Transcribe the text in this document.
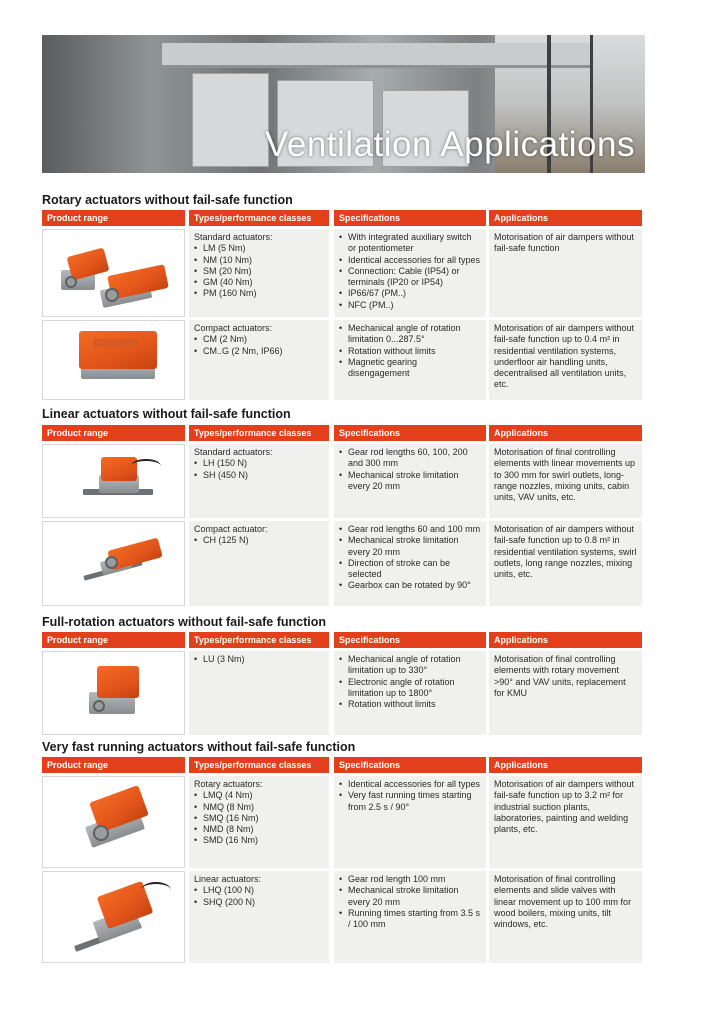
Ventilation Applications
Rotary actuators without fail-safe function
Product range	Types/performance classes	Specifications	Applications

Standard actuators:

• LM (5 Nm)
• NM (10 Nm)
• SM (20 Nm)
• GM (40 Nm)
• PM (160 Nm)
• With integrated auxiliary switch or potentiometer
• Identical accessories for all types
• Connection: Cable (IP54) or terminals (IP20 or IP54)
• IP66/67 (PM..)
• NFC (PM..)
Motorisation of air dampers without fail-safe function

Compact actuators:

• CM (2 Nm)
• CM..G (2 Nm, IP66)
• Mechanical angle of rotation limitation 0...287.5°
• Rotation without limits
• Magnetic gearing disengagement
Motorisation of air dampers without fail-safe function up to 0.4 m² in residential ventilation systems, underfloor air handling units, decentralised all ventilation units, etc.
Linear actuators without fail-safe function
Product range	Types/performance classes	Specifications	Applications

Standard actuators:

• LH (150 N)
• SH (450 N)
• Gear rod lengths 60, 100, 200 and 300 mm
• Mechanical stroke limitation every 20 mm
Motorisation of final controlling elements with linear movements up to 300 mm for swirl outlets, long-range nozzles, mixing units, cabin units, VAV units, etc.

Compact actuator:

• CH (125 N)
• Gear rod lengths 60 and 100 mm
• Mechanical stroke limitation every 20 mm
• Direction of stroke can be selected
• Gearbox can be rotated by 90°
Motorisation of air dampers without fail-safe function up to 0.8 m² in residential ventilation systems, swirl outlets, long range nozzles, mixing units, etc.
Full-rotation actuators without fail-safe function
Product range	Types/performance classes	Specifications	Applications
• LU (3 Nm)
•	Mechanical angle of rotation limitation up to 330°
• Electronic angle of rotation limitation up to 1800°
• Rotation without limits
Motorisation of final controlling elements with rotary movement >90° and VAV units, replacement for KMU
Very fast running actuators without fail-safe function
Product range	Types/performance classes	Specifications	Applications

Rotary actuators:

• LMQ (4 Nm)
• NMQ (8 Nm)
• SMQ (16 Nm)
• NMD (8 Nm)
• SMD (16 Nm)
• Identical accessories for all types
• Very fast running times starting from 2.5 s / 90°
Motorisation of air dampers without fail-safe function up to 3.2 m² for industrial suction plants, laboratories, painting and welding plants, etc.

Linear actuators:

• LHQ (100 N)
• SHQ (200 N)
• Gear rod length 100 mm
• Mechanical stroke limitation every 20 mm
• Running times starting from 3.5 s / 100 mm
Motorisation of final controlling elements and slide valves with linear movement up to 100 mm for wood boilers, mixing units, tilt windows, etc.
